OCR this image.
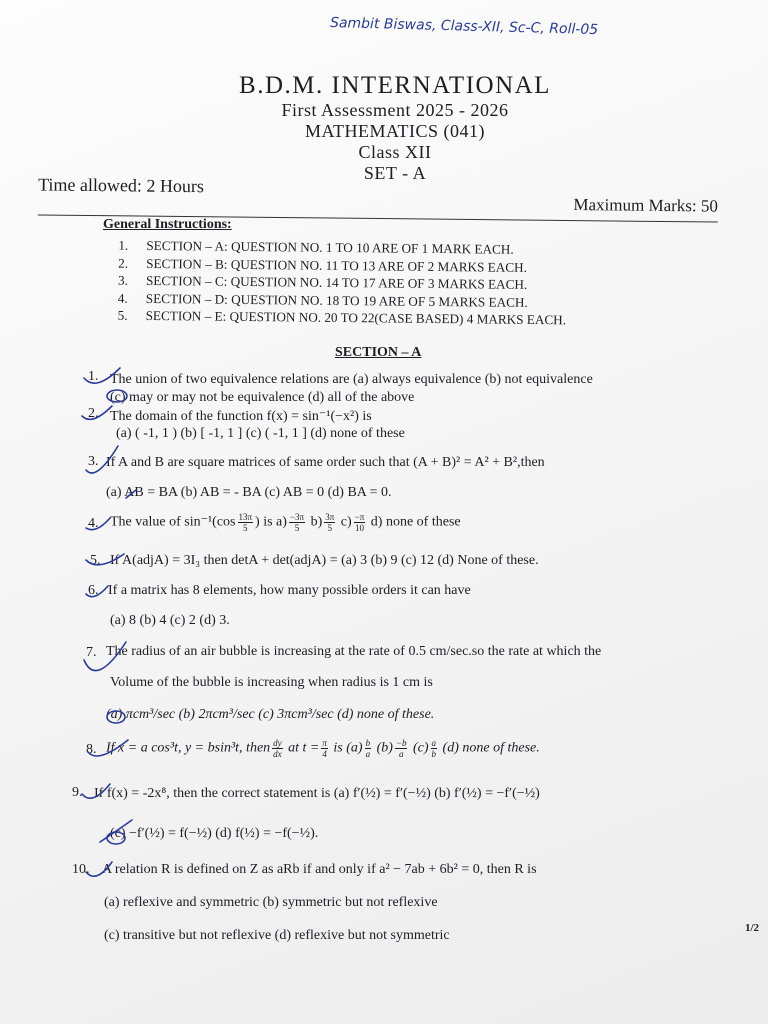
Sambit Biswas, Class-XII, Sc-C, Roll-05
B.D.M. INTERNATIONAL
First Assessment 2025 - 2026
MATHEMATICS (041)
Class XII
SET - A
Time allowed: 2 Hours
Maximum Marks: 50
General Instructions:
1. SECTION – A: QUESTION NO. 1 TO 10 ARE OF 1 MARK EACH.
2. SECTION – B: QUESTION NO. 11 TO 13 ARE OF 2 MARKS EACH.
3. SECTION – C: QUESTION NO. 14 TO 17 ARE OF 3 MARKS EACH.
4. SECTION – D: QUESTION NO. 18 TO 19 ARE OF 5 MARKS EACH.
5. SECTION – E: QUESTION NO. 20 TO 22(CASE BASED) 4 MARKS EACH.
SECTION – A
1. The union of two equivalence relations are (a) always equivalence (b) not equivalence
(c) may or may not be equivalence (d) all of the above
2. The domain of the function f(x) = sin⁻¹(−x²) is
(a) ( -1, 1 ) (b) [ -1, 1 ] (c) ( -1, 1 ] (d) none of these
3. If A and B are square matrices of same order such that (A + B)² = A² + B²,then
(a) AB = BA (b) AB = - BA (c) AB = 0 (d) BA = 0.
4. The value of $\sin^{-1}(\cos \frac{13\pi}{5}$ ) is $a) \frac{-3\pi}{5} b) \frac{3\pi}{5} c) \frac{-\pi}{10} d$) none of these
5. If A(adjA) = 3I₃ then detA + det(adjA) = (a) 3 (b) 9 (c) 12 (d) None of these.
6. If a matrix has 8 elements, how many possible orders it can have
(a) 8 (b) 4 (c) 2 (d) 3.
7. The radius of an air bubble is increasing at the rate of 0.5 cm/sec.so the rate at which the
Volume of the bubble is increasing when radius is 1 cm is
(a) πcm³/sec (b) 2πcm³/sec (c) 3πcm³/sec (d) none of these.
8. If x = a cos³t, y = bsin³t, then $\frac{dy}{dx}$ at $t = \frac{\pi}{4}$ is $(a) \frac{b}{a} (b) \frac{-b}{a} (c) \frac{a}{b} (d)$ none of these.
9. If f(x) = -2x⁸, then the correct statement is (a) f′(½) = f′(−½) (b) f′(½) = −f′(−½)
(c) −f′(½) = f(−½) (d) f(½) = −f(−½).
10. A relation R is defined on Z as aRb if and only if a² − 7ab + 6b² = 0, then R is
(a) reflexive and symmetric (b) symmetric but not reflexive
(c) transitive but not reflexive (d) reflexive but not symmetric	1/2
